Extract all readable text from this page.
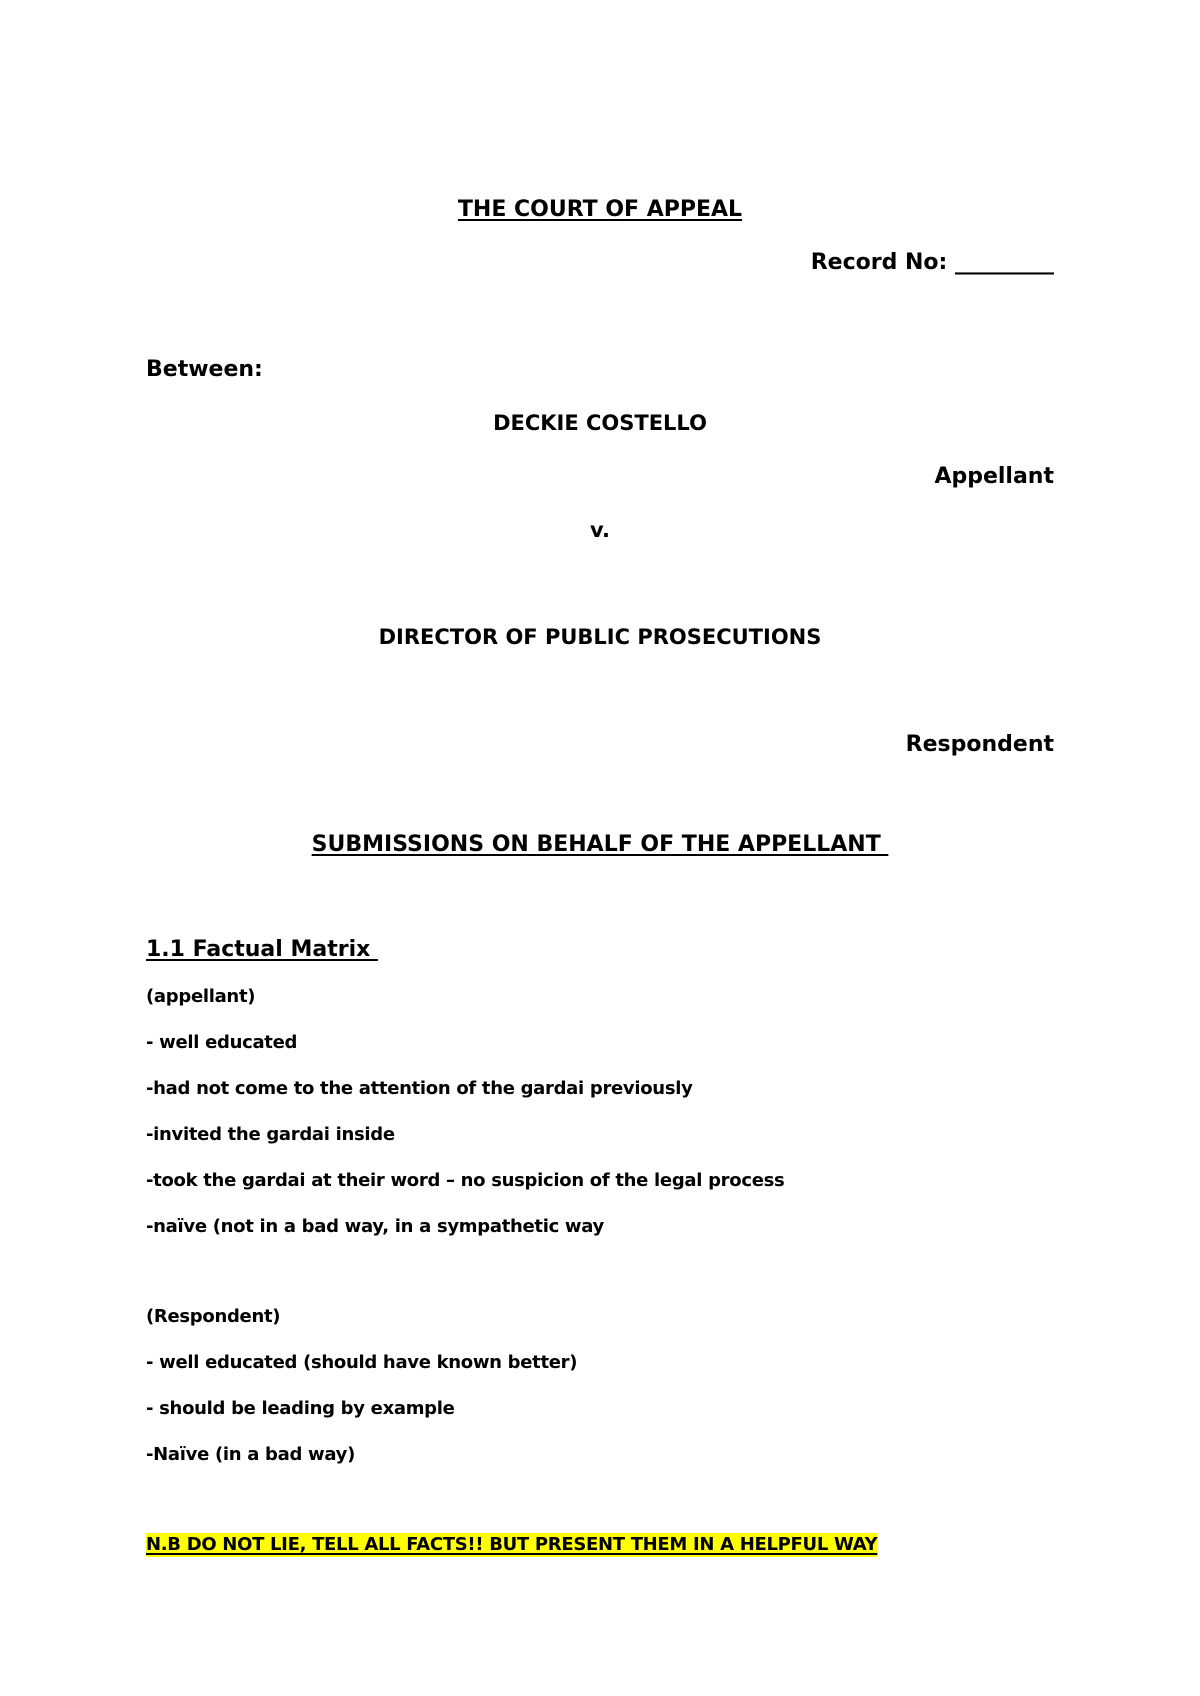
THE COURT OF APPEAL
Record No: _________
Between:
DECKIE COSTELLO
Appellant
v.
DIRECTOR OF PUBLIC PROSECUTIONS
Respondent
SUBMISSIONS ON BEHALF OF THE APPELLANT
1.1 Factual Matrix
(appellant)
- well educated
-had not come to the attention of the gardai previously
-invited the gardai inside
-took the gardai at their word – no suspicion of the legal process
-naïve (not in a bad way, in a sympathetic way
(Respondent)
- well educated (should have known better)
- should be leading by example
-Naïve (in a bad way)
N.B DO NOT LIE, TELL ALL FACTS!! BUT PRESENT THEM IN A HELPFUL WAY
